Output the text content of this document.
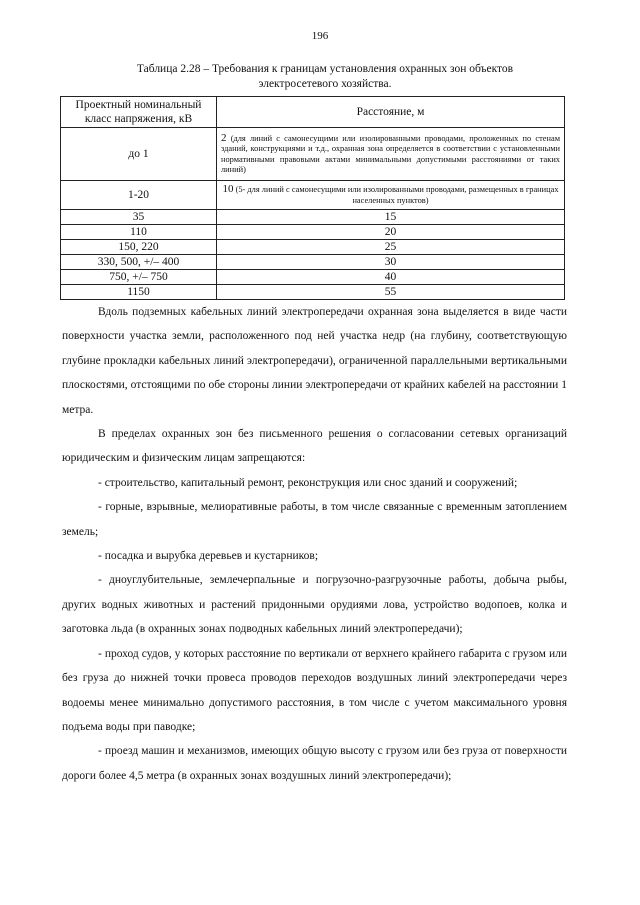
196
Таблица 2.28 – Требования к границам установления охранных зон объектов
электросетевого хозяйства.
Проектный номинальный класс напряжения, кВ	Расстояние, м
до 1	2 (для линий с самонесущими или изолированными проводами, проложенных по стенам зданий, конструкциями и т.д., охранная зона определяется в соответствии с установленными нормативными правовыми актами минимальными допустимыми расстояниями от таких линий)
1-20	10 (5- для линий с самонесущими или изолированными проводами, размещенных в границах населенных пунктов)
35	15
110	20
150, 220	25
330, 500, +/– 400	30
750, +/– 750	40
1150	55

Вдоль подземных кабельных линий электропередачи охранная зона выделяется в виде части поверхности участка земли, расположенного под ней участка недр (на глубину, соответствующую глубине прокладки кабельных линий электропередачи), ограниченной параллельными вертикальными плоскостями, отстоящими по обе стороны линии электропередачи от крайних кабелей на расстоянии 1 метра.

В пределах охранных зон без письменного решения о согласовании сетевых организаций юридическим и физическим лицам запрещаются:

- строительство, капитальный ремонт, реконструкция или снос зданий и сооружений;

- горные, взрывные, мелиоративные работы, в том числе связанные с временным затоплением земель;

- посадка и вырубка деревьев и кустарников;

- дноуглубительные, землечерпальные и погрузочно-разгрузочные работы, добыча рыбы, других водных животных и растений придонными орудиями лова, устройство водопоев, колка и заготовка льда (в охранных зонах подводных кабельных линий электропередачи);

- проход судов, у которых расстояние по вертикали от верхнего крайнего габарита с грузом или без груза до нижней точки провеса проводов переходов воздушных линий электропередачи через водоемы менее минимально допустимого расстояния, в том числе с учетом максимального уровня подъема воды при паводке;

- проезд машин и механизмов, имеющих общую высоту с грузом или без груза от поверхности дороги более 4,5 метра (в охранных зонах воздушных линий электропередачи);
